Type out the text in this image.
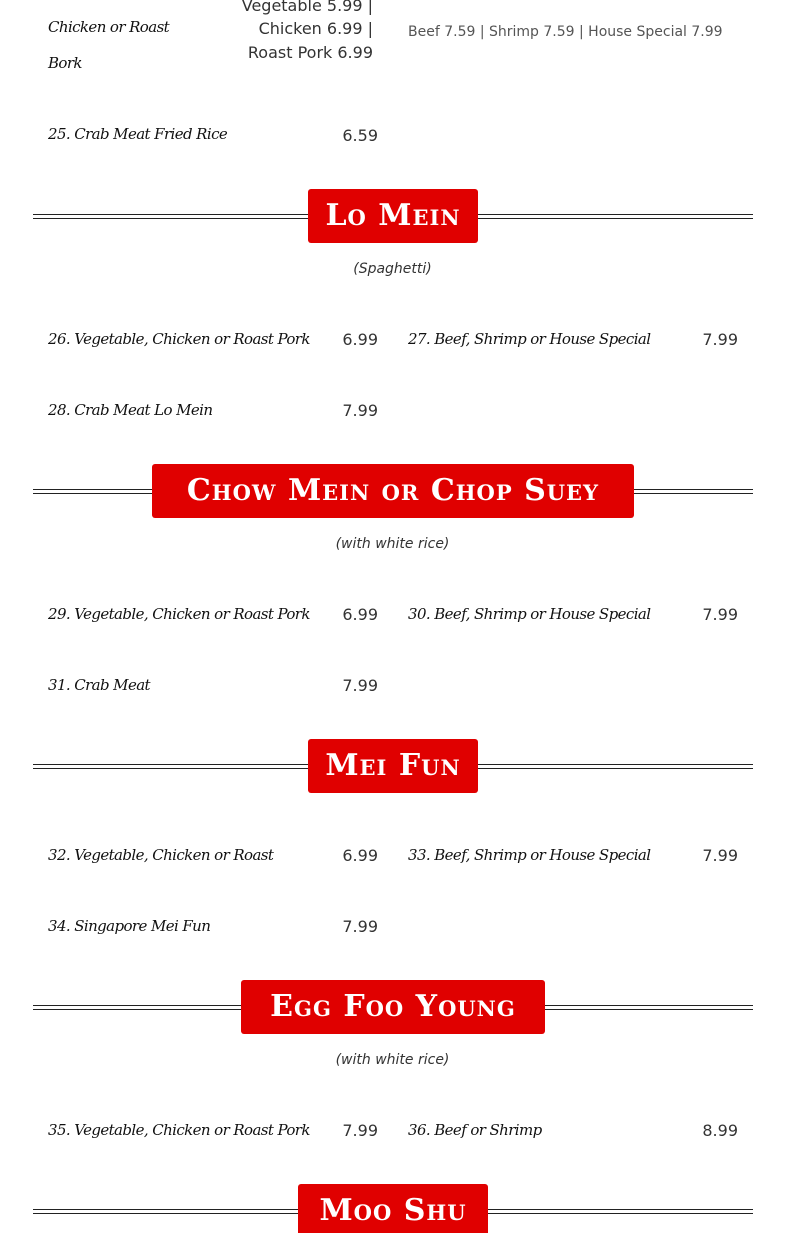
Chicken or Roast
Bork
Vegetable 5.99 |
Chicken 6.99 |
Roast Pork 6.99
Beef 7.59 | Shrimp 7.59 | House Special 7.99
25. Crab Meat Fried Rice	6.59
Lo Mein
(Spaghetti)
26. Vegetable, Chicken or Roast Pork	6.99 27. Beef, Shrimp or House Special	7.99
28. Crab Meat Lo Mein	7.99
Chow Mein or Chop Suey
(with white rice)
29. Vegetable, Chicken or Roast Pork	6.99 30. Beef, Shrimp or House Special	7.99
31. Crab Meat	7.99
Mei Fun
32. Vegetable, Chicken or Roast	6.99 33. Beef, Shrimp or House Special	7.99
34. Singapore Mei Fun	7.99
Egg Foo Young
(with white rice)
35. Vegetable, Chicken or Roast Pork	7.99 36. Beef or Shrimp	8.99
Moo Shu
